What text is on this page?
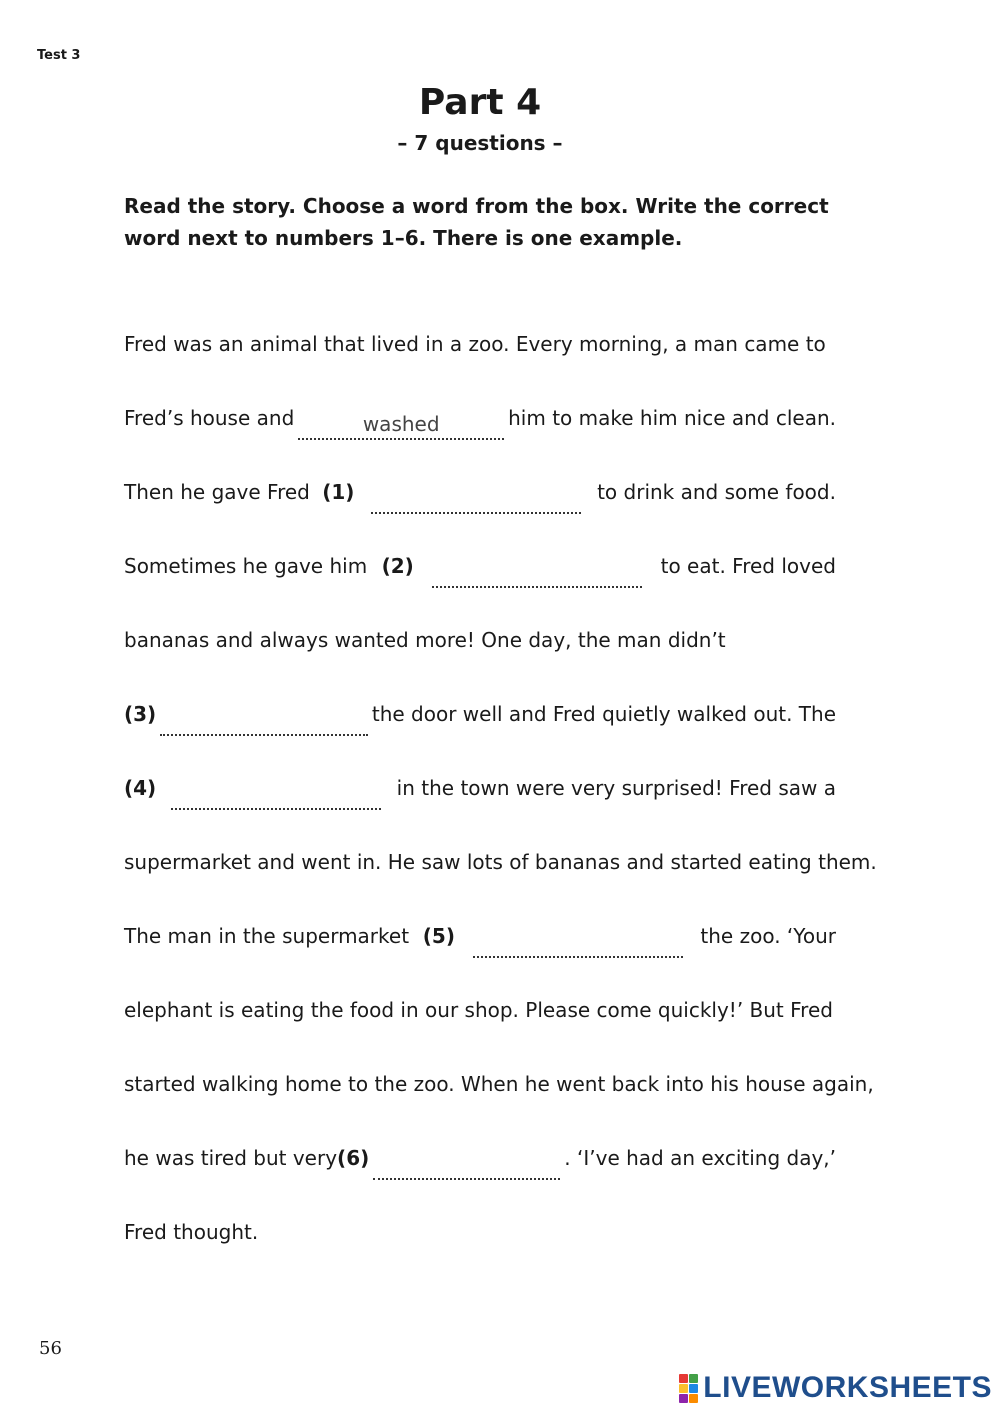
Test 3
Part 4
– 7 questions –
Read the story. Choose a word from the box. Write the correct word next to numbers 1–6. There is one example.
Fred was an animal that lived in a zoo. Every morning, a man came to
Fred’s house and	washed	him to make him nice and clean.
Then he gave Fred (1)	to drink and some food.
Sometimes he gave him (2)	to eat. Fred loved
bananas and always wanted more! One day, the man didn’t
(3)	the door well and Fred quietly walked out. The
(4)	in the town were very surprised! Fred saw a
supermarket and went in. He saw lots of bananas and started eating them.
The man in the supermarket (5)	the zoo. ‘Your
elephant is eating the food in our shop. Please come quickly!’ But Fred
started walking home to the zoo. When he went back into his house again,
he was tired but very (6)	. ‘I’ve had an exciting day,’
Fred thought.
56
LIVEWORKSHEETS
